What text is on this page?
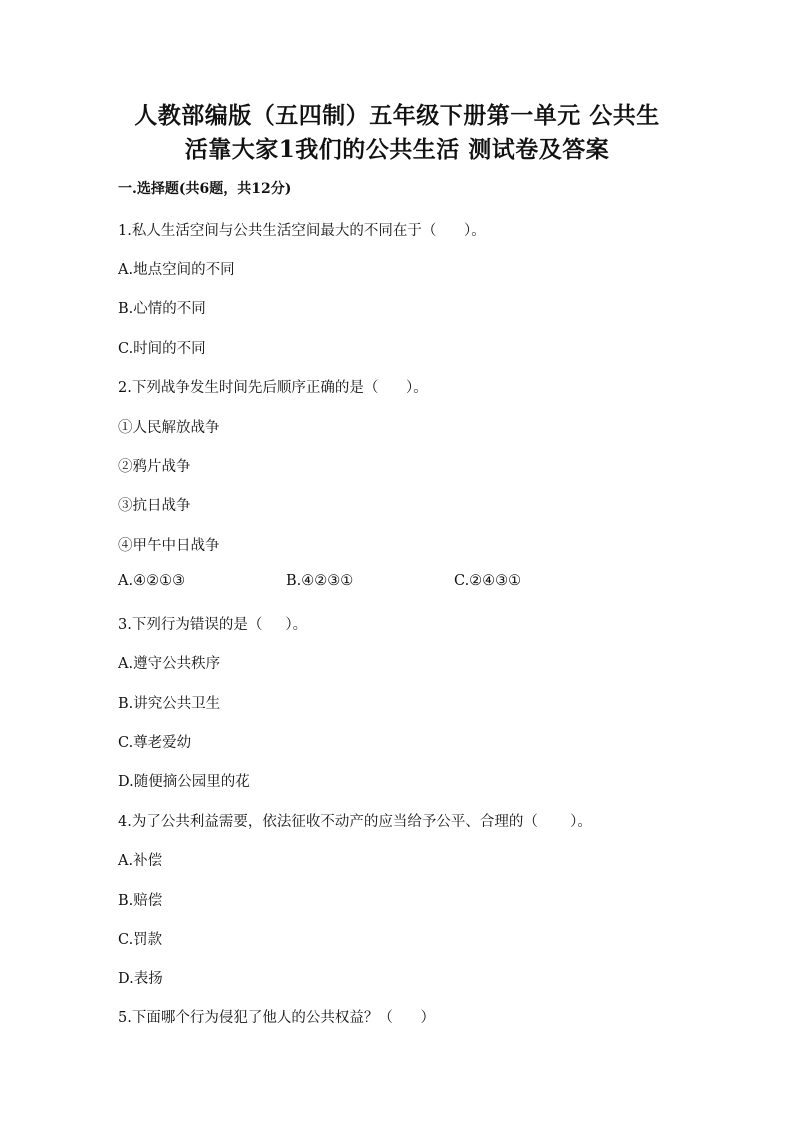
人教部编版（五四制）五年级下册第一单元 公共生
活靠大家1我们的公共生活 测试卷及答案
一.选择题(共6题，共12分)
1.私人生活空间与公共生活空间最大的不同在于（      ）。
A.地点空间的不同
B.心情的不同
C.时间的不同
2.下列战争发生时间先后顺序正确的是（      ）。
①人民解放战争
②鸦片战争
③抗日战争
④甲午中日战争
A.④②①③	B.④②③①	C.②④③①
3.下列行为错误的是（     ）。
A.遵守公共秩序
B.讲究公共卫生
C.尊老爱幼
D.随便摘公园里的花
4.为了公共利益需要，依法征收不动产的应当给予公平、合理的（       ）。
A.补偿
B.赔偿
C.罚款
D.表扬
5.下面哪个行为侵犯了他人的公共权益？（      ）
